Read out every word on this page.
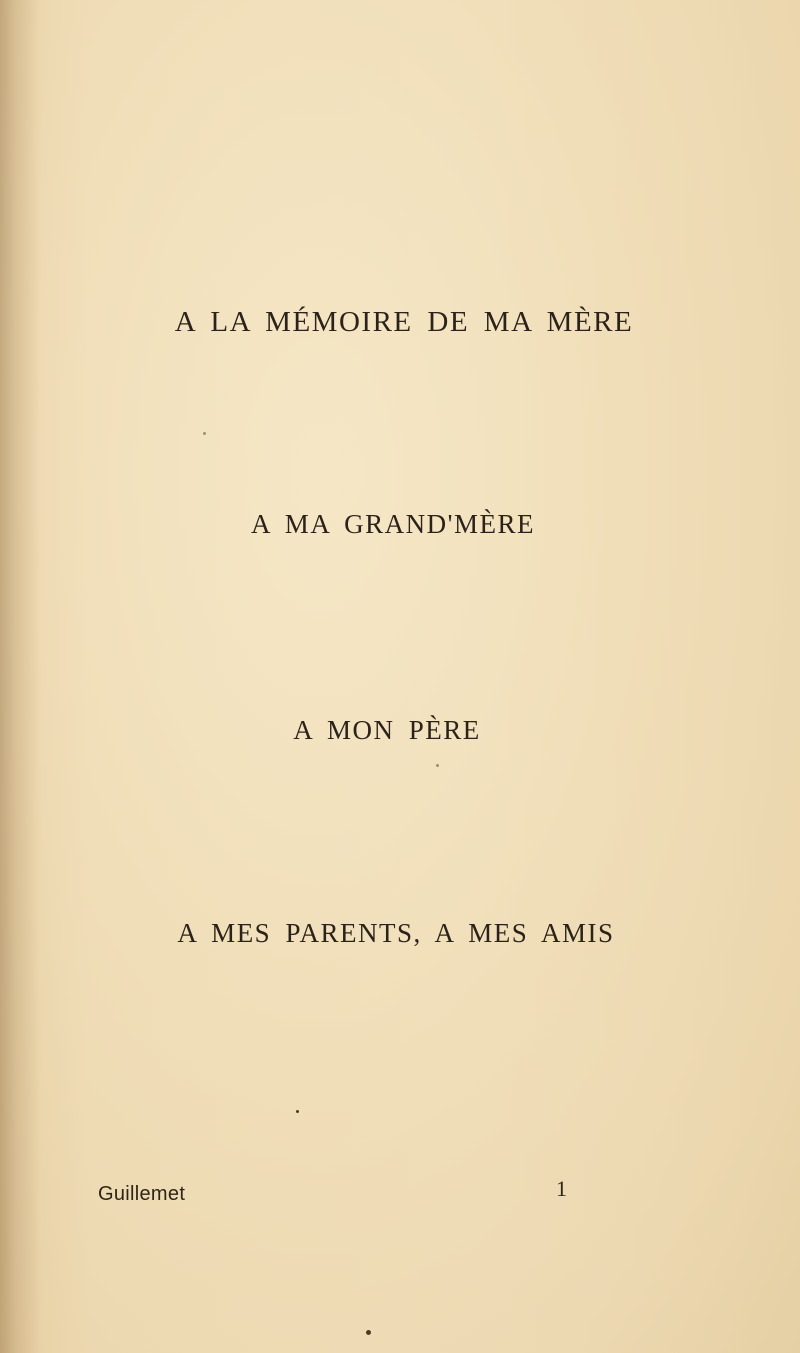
A LA MÉMOIRE DE MA MÈRE
A MA GRAND'MÈRE
A MON PÈRE
A MES PARENTS, A MES AMIS
Guillemet	1
